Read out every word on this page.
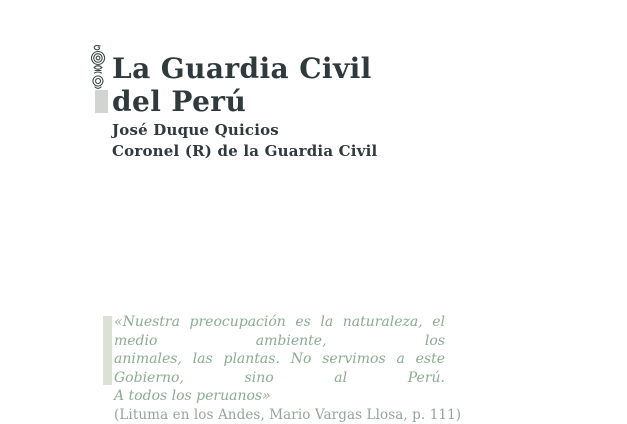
La Guardia Civil
del Perú
José Duque Quicios
Coronel (R) de la Guardia Civil
«Nuestra preocupación es la naturaleza, el medio ambiente, los
animales, las plantas. No servimos a este Gobierno, sino al Perú.
A todos los peruanos»
(Lituma en los Andes, Mario Vargas Llosa, p. 111)
